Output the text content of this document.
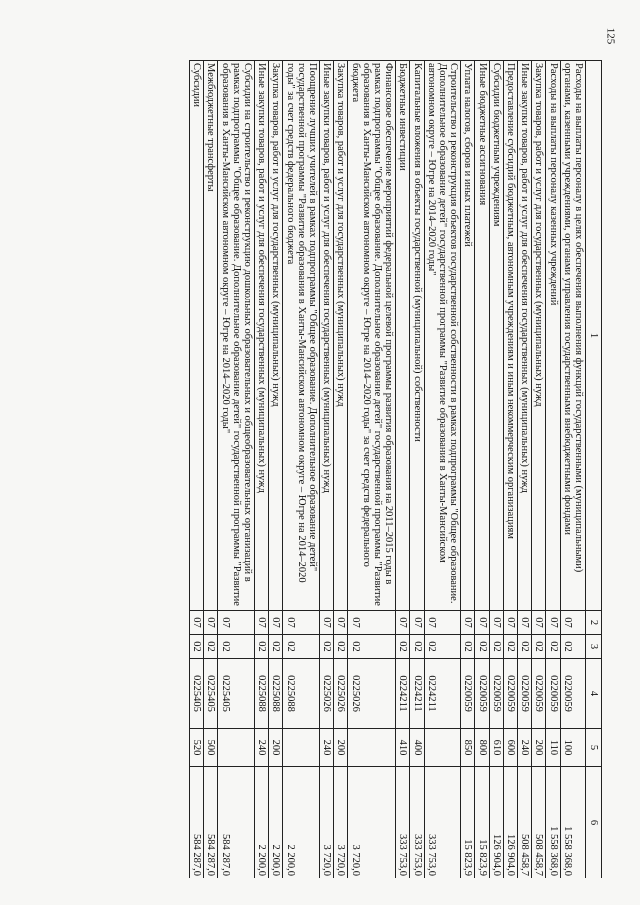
125
1	2	3	4	5	6
Расходы на выплаты персоналу в целях обеспечения выполнения функций государственными (муниципальными) органами, казенными учреждениями, органами управления государственными внебюджетными фондами	07	02	0220059	100	1 558 368,0
Расходы на выплаты персоналу казенных учреждений	07	02	0220059	110	1 558 368,0
Закупка товаров, работ и услуг для государственных (муниципальных) нужд	07	02	0220059	200	508 458,7
Иные закупки товаров, работ и услуг для обеспечения государственных (муниципальных) нужд	07	02	0220059	240	508 458,7
Предоставление субсидий бюджетным, автономным учреждениям и иным некоммерческим организациям	07	02	0220059	600	126 904,0
Субсидии бюджетным учреждениям	07	02	0220059	610	126 904,0
Иные бюджетные ассигнования	07	02	0220059	800	15 823,9
Уплата налогов, сборов и иных платежей	07	02	0220059	850	15 823,9
Строительство и реконструкция объектов государственной собственности в рамках подпрограммы "Общее образование. Дополнительное образование детей" государственной программы "Развитие образования в Ханты-Мансийском автономном округе – Югре на 2014–2020 годы"	07	02	0224211		333 753,0
Капитальные вложения в объекты государственной (муниципальной) собственности	07	02	0224211	400	333 753,0
Бюджетные инвестиции	07	02	0224211	410	333 753,0
Финансовое обеспечение мероприятий федеральной целевой программы развития образования на 2011–2015 годы в рамках подпрограммы "Общее образование. Дополнительное образование детей" государственной программы "Развитие образования в Ханты-Мансийском автономном округе – Югре на 2014–2020 годы" за счет средств федерального бюджета	07	02	0225026		3 720,0
Закупка товаров, работ и услуг для государственных (муниципальных) нужд	07	02	0225026	200	3 720,0
Иные закупки товаров, работ и услуг для обеспечения государственных (муниципальных) нужд	07	02	0225026	240	3 720,0
Поощрение лучших учителей в рамках подпрограммы "Общее образование. Дополнительное образование детей" государственной программы "Развитие образования в Ханты-Мансийском автономном округе – Югре на 2014–2020 годы" за счет средств федерального бюджета	07	02	0225088		2 200,0
Закупка товаров, работ и услуг для государственных (муниципальных) нужд	07	02	0225088	200	2 200,0
Иные закупки товаров, работ и услуг для обеспечения государственных (муниципальных) нужд	07	02	0225088	240	2 200,0
Субсидии на строительство и реконструкцию дошкольных образовательных и общеобразовательных организаций в рамках подпрограммы "Общее образование. Дополнительное образование детей" государственной программы "Развитие образования в Ханты-Мансийском автономном округе – Югре на 2014–2020 годы"	07	02	0225405		584 287,0
Межбюджетные трансферты	07	02	0225405	500	584 287,0
Субсидии	07	02	0225405	520	584 287,0
